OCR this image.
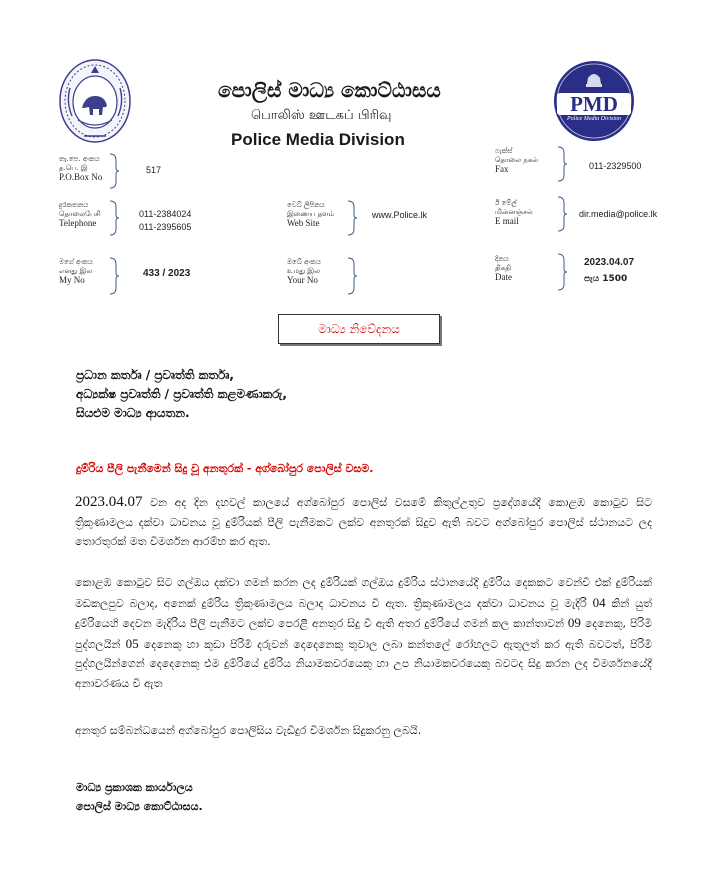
පොලිස් මාධ්‍ය කොට්ඨාසය
பொலிஸ் ஊடகப் பிரிவு
Police Media Division
PMD
Police Media Division
තැ.පෙ. අංකය
த.பெ. இ
P.O.Box No
517
ෆැක්ස්
தொலை நகல்
Fax	011-2329500
දුරකතනය
தொலைபேசி
Telephone
011-2384024
011-2395605
වෙබ් ලිපිනය
இணைய தளம்
Web Site
www.Police.lk
ඊ මේල්
மின்னஞ்சல்
E mail
dir.media@police.lk
මගේ අංකය
எனது இல
My No
433 / 2023
ඔබේ අංකය
உமது இல
Your No
දිනය
திகதி
Date
2023.04.07
පැය 1500
මාධ්‍ය නිවේදනය
ප්‍රධාන කර්තෘ / ප්‍රවෘත්ති කර්තෘ,
අධ්‍යක්ෂ ප්‍රවෘත්ති / ප්‍රවෘත්ති කළමණාකරු,
සියළුම මාධ්‍ය ආයතන.
දුම්රිය පීලි පැනීමෙන් සිදු වූ අනතුරක් - අග්බෝපුර පොලිස් වසම.
2023.04.07 වන අද දින දහවල් කාලයේ අග්බෝපුර පොලිස් වසමේ කිතුල්උතුව ප්‍රදේශයේදී කොළඹ කොටුව සිට ත්‍රිකුණාමලය දක්වා ධාවනය වූ දුම්රියක් පීලි පැනීමකට ලක්ව අනතුරක් සිදුව ඇති බවට අග්බෝපුර පොලිස් ස්ථානයට ලද තොරතුරක් මත විමර්ශන ආරම්භ කර ඇත.
කොළඹ කොටුව සිට ගල්ඔය දක්වා ගමන් කරන ලද දුම්රියක් ගල්ඔය දුම්රිය ස්ථානයේදී දුම්රිය දෙකකට වෙන්වී එක් දුම්රියක් මඩකලපුව බලාද, අනෙක් දුම්රිය ත්‍රිකුණාමලය බලාද ධාවනය වී ඇත. ත්‍රිකුණාමලය දක්වා ධාවනය වූ මැදිරි 04 කින් යුත් දුම්රියෙහි දෙවන මැදිරිය පීලි පැනීමට ලක්ව පෙරළී අනතුර සිදු වී ඇති අතර දුම්රියේ ගමන් කල කාන්තාවන් 09 දෙනෙකු, පිරිමි පුද්ගලයින් 05 දෙනෙකු හා කුඩා පිරිමි දරුවන් දෙදෙනෙකු තුවාල ලබා කන්තලේ රෝහලට ඇතුලත් කර ඇති බවටත්, පිරිමි පුද්ගලයින්ගෙන් දෙදෙනෙකු එම දුම්රියේ දුම්රිය නියාමකවරයෙකු හා උප නියාමකවරයෙකු බවටද සිදු කරන ලද විමර්ශනයේදී අනාවරණය වී ඇත
අනතුර සම්බන්ධයෙන් අග්බෝපුර පොලිසිය වැඩිදුර විමර්ශන සිදුකරනු ලබයි.
මාධ්‍ය ප්‍රකාශක කාර්යාලය
පොලිස් මාධ්‍ය කොට්ඨාසය.
